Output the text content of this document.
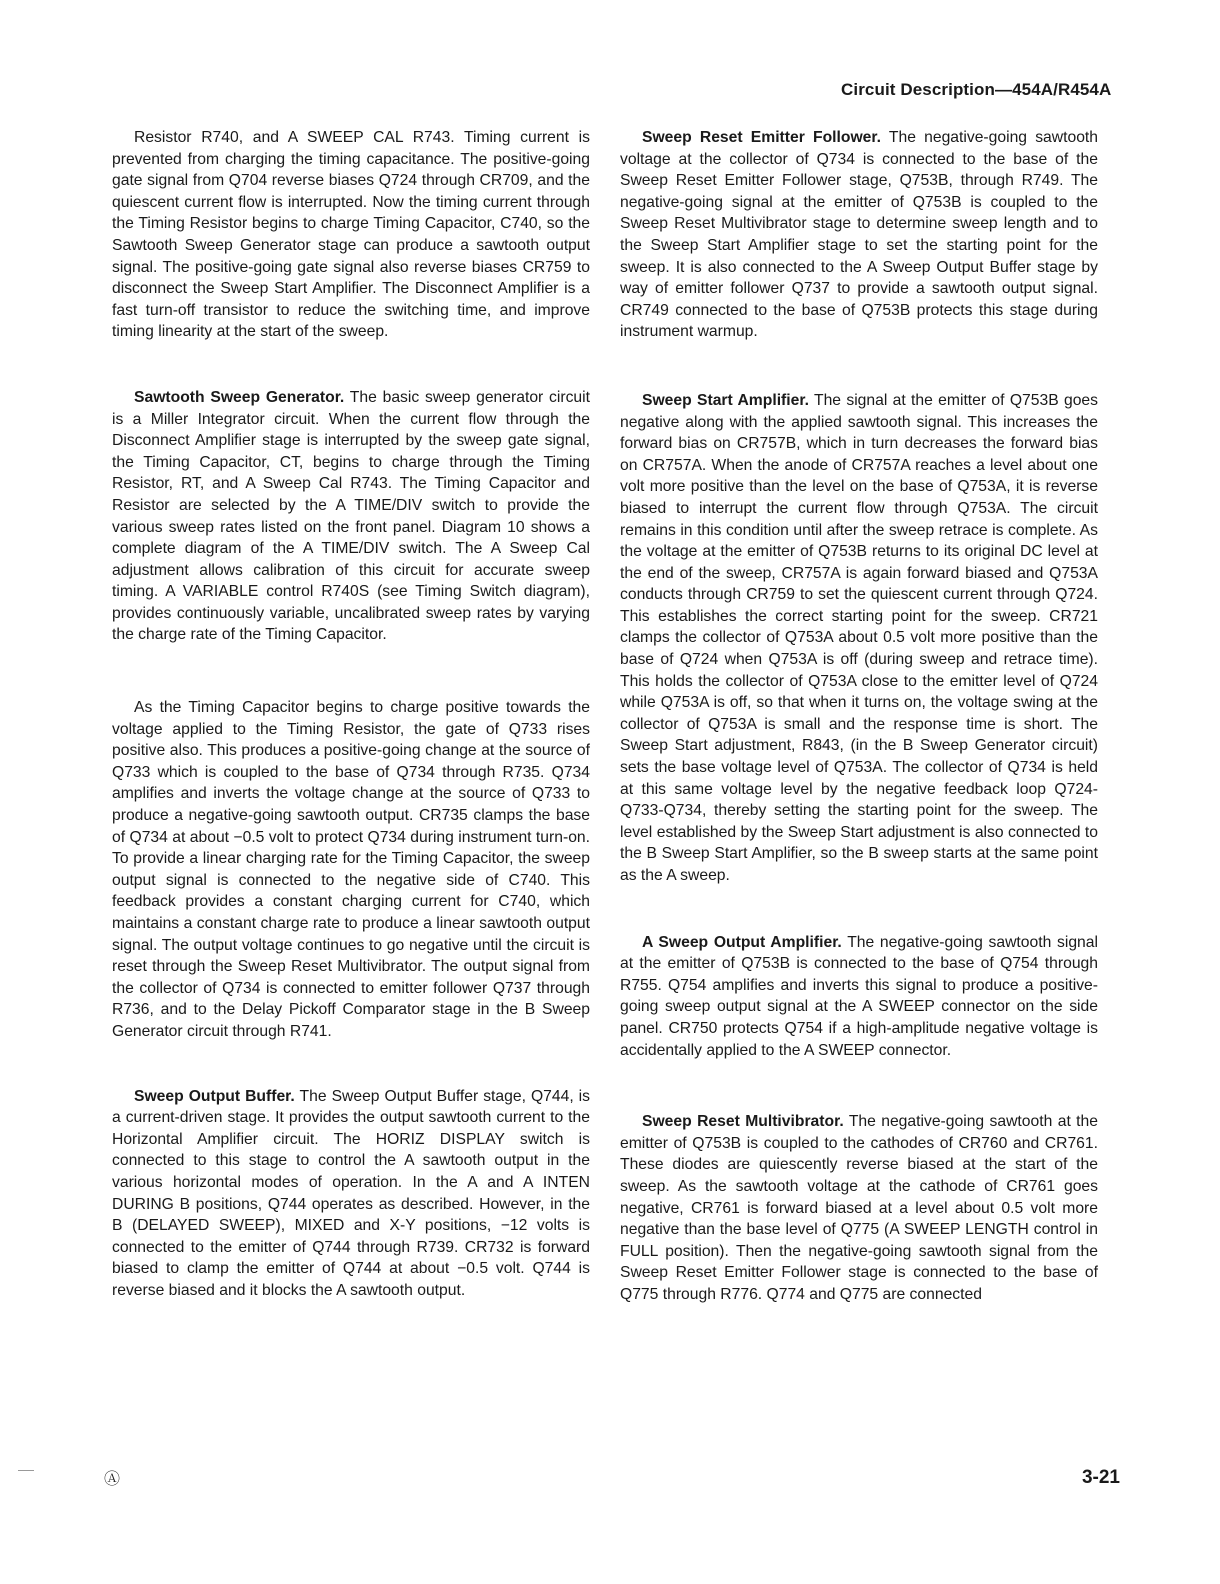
Circuit Description—454A/R454A

Resistor R740, and A SWEEP CAL R743. Timing current is prevented from charging the timing capacitance. The positive-going gate signal from Q704 reverse biases Q724 through CR709, and the quiescent current flow is interrupted. Now the timing current through the Timing Resistor begins to charge Timing Capacitor, C740, so the Sawtooth Sweep Generator stage can produce a sawtooth output signal. The positive-going gate signal also reverse biases CR759 to disconnect the Sweep Start Amplifier. The Disconnect Amplifier is a fast turn-off transistor to reduce the switching time, and improve timing linearity at the start of the sweep.

Sawtooth Sweep Generator. The basic sweep generator circuit is a Miller Integrator circuit. When the current flow through the Disconnect Amplifier stage is interrupted by the sweep gate signal, the Timing Capacitor, CT, begins to charge through the Timing Resistor, RT, and A Sweep Cal R743. The Timing Capacitor and Resistor are selected by the A TIME/DIV switch to provide the various sweep rates listed on the front panel. Diagram 10 shows a complete diagram of the A TIME/DIV switch. The A Sweep Cal adjustment allows calibration of this circuit for accurate sweep timing. A VARIABLE control R740S (see Timing Switch diagram), provides continuously variable, uncalibrated sweep rates by varying the charge rate of the Timing Capacitor.

As the Timing Capacitor begins to charge positive towards the voltage applied to the Timing Resistor, the gate of Q733 rises positive also. This produces a positive-going change at the source of Q733 which is coupled to the base of Q734 through R735. Q734 amplifies and inverts the voltage change at the source of Q733 to produce a negative-going sawtooth output. CR735 clamps the base of Q734 at about −0.5 volt to protect Q734 during instrument turn-on. To provide a linear charging rate for the Timing Capacitor, the sweep output signal is connected to the negative side of C740. This feedback provides a constant charging current for C740, which maintains a constant charge rate to produce a linear sawtooth output signal. The output voltage continues to go negative until the circuit is reset through the Sweep Reset Multivibrator. The output signal from the collector of Q734 is connected to emitter follower Q737 through R736, and to the Delay Pickoff Comparator stage in the B Sweep Generator circuit through R741.

Sweep Output Buffer. The Sweep Output Buffer stage, Q744, is a current-driven stage. It provides the output sawtooth current to the Horizontal Amplifier circuit. The HORIZ DISPLAY switch is connected to this stage to control the A sawtooth output in the various horizontal modes of operation. In the A and A INTEN DURING B positions, Q744 operates as described. However, in the B (DELAYED SWEEP), MIXED and X-Y positions, −12 volts is connected to the emitter of Q744 through R739. CR732 is forward biased to clamp the emitter of Q744 at about −0.5 volt. Q744 is reverse biased and it blocks the A sawtooth output.

Sweep Reset Emitter Follower. The negative-going sawtooth voltage at the collector of Q734 is connected to the base of the Sweep Reset Emitter Follower stage, Q753B, through R749. The negative-going signal at the emitter of Q753B is coupled to the Sweep Reset Multivibrator stage to determine sweep length and to the Sweep Start Amplifier stage to set the starting point for the sweep. It is also connected to the A Sweep Output Buffer stage by way of emitter follower Q737 to provide a sawtooth output signal. CR749 connected to the base of Q753B protects this stage during instrument warmup.

Sweep Start Amplifier. The signal at the emitter of Q753B goes negative along with the applied sawtooth signal. This increases the forward bias on CR757B, which in turn decreases the forward bias on CR757A. When the anode of CR757A reaches a level about one volt more positive than the level on the base of Q753A, it is reverse biased to interrupt the current flow through Q753A. The circuit remains in this condition until after the sweep retrace is complete. As the voltage at the emitter of Q753B returns to its original DC level at the end of the sweep, CR757A is again forward biased and Q753A conducts through CR759 to set the quiescent current through Q724. This establishes the correct starting point for the sweep. CR721 clamps the collector of Q753A about 0.5 volt more positive than the base of Q724 when Q753A is off (during sweep and retrace time). This holds the collector of Q753A close to the emitter level of Q724 while Q753A is off, so that when it turns on, the voltage swing at the collector of Q753A is small and the response time is short. The Sweep Start adjustment, R843, (in the B Sweep Generator circuit) sets the base voltage level of Q753A. The collector of Q734 is held at this same voltage level by the negative feedback loop Q724-Q733-Q734, thereby setting the starting point for the sweep. The level established by the Sweep Start adjustment is also connected to the B Sweep Start Amplifier, so the B sweep starts at the same point as the A sweep.

A Sweep Output Amplifier. The negative-going sawtooth signal at the emitter of Q753B is connected to the base of Q754 through R755. Q754 amplifies and inverts this signal to produce a positive-going sweep output signal at the A SWEEP connector on the side panel. CR750 protects Q754 if a high-amplitude negative voltage is accidentally applied to the A SWEEP connector.

Sweep Reset Multivibrator. The negative-going sawtooth at the emitter of Q753B is coupled to the cathodes of CR760 and CR761. These diodes are quiescently reverse biased at the start of the sweep. As the sawtooth voltage at the cathode of CR761 goes negative, CR761 is forward biased at a level about 0.5 volt more negative than the base level of Q775 (A SWEEP LENGTH control in FULL position). Then the negative-going sawtooth signal from the Sweep Reset Emitter Follower stage is connected to the base of Q775 through R776. Q774 and Q775 are connected

Ⓐ	3-21
